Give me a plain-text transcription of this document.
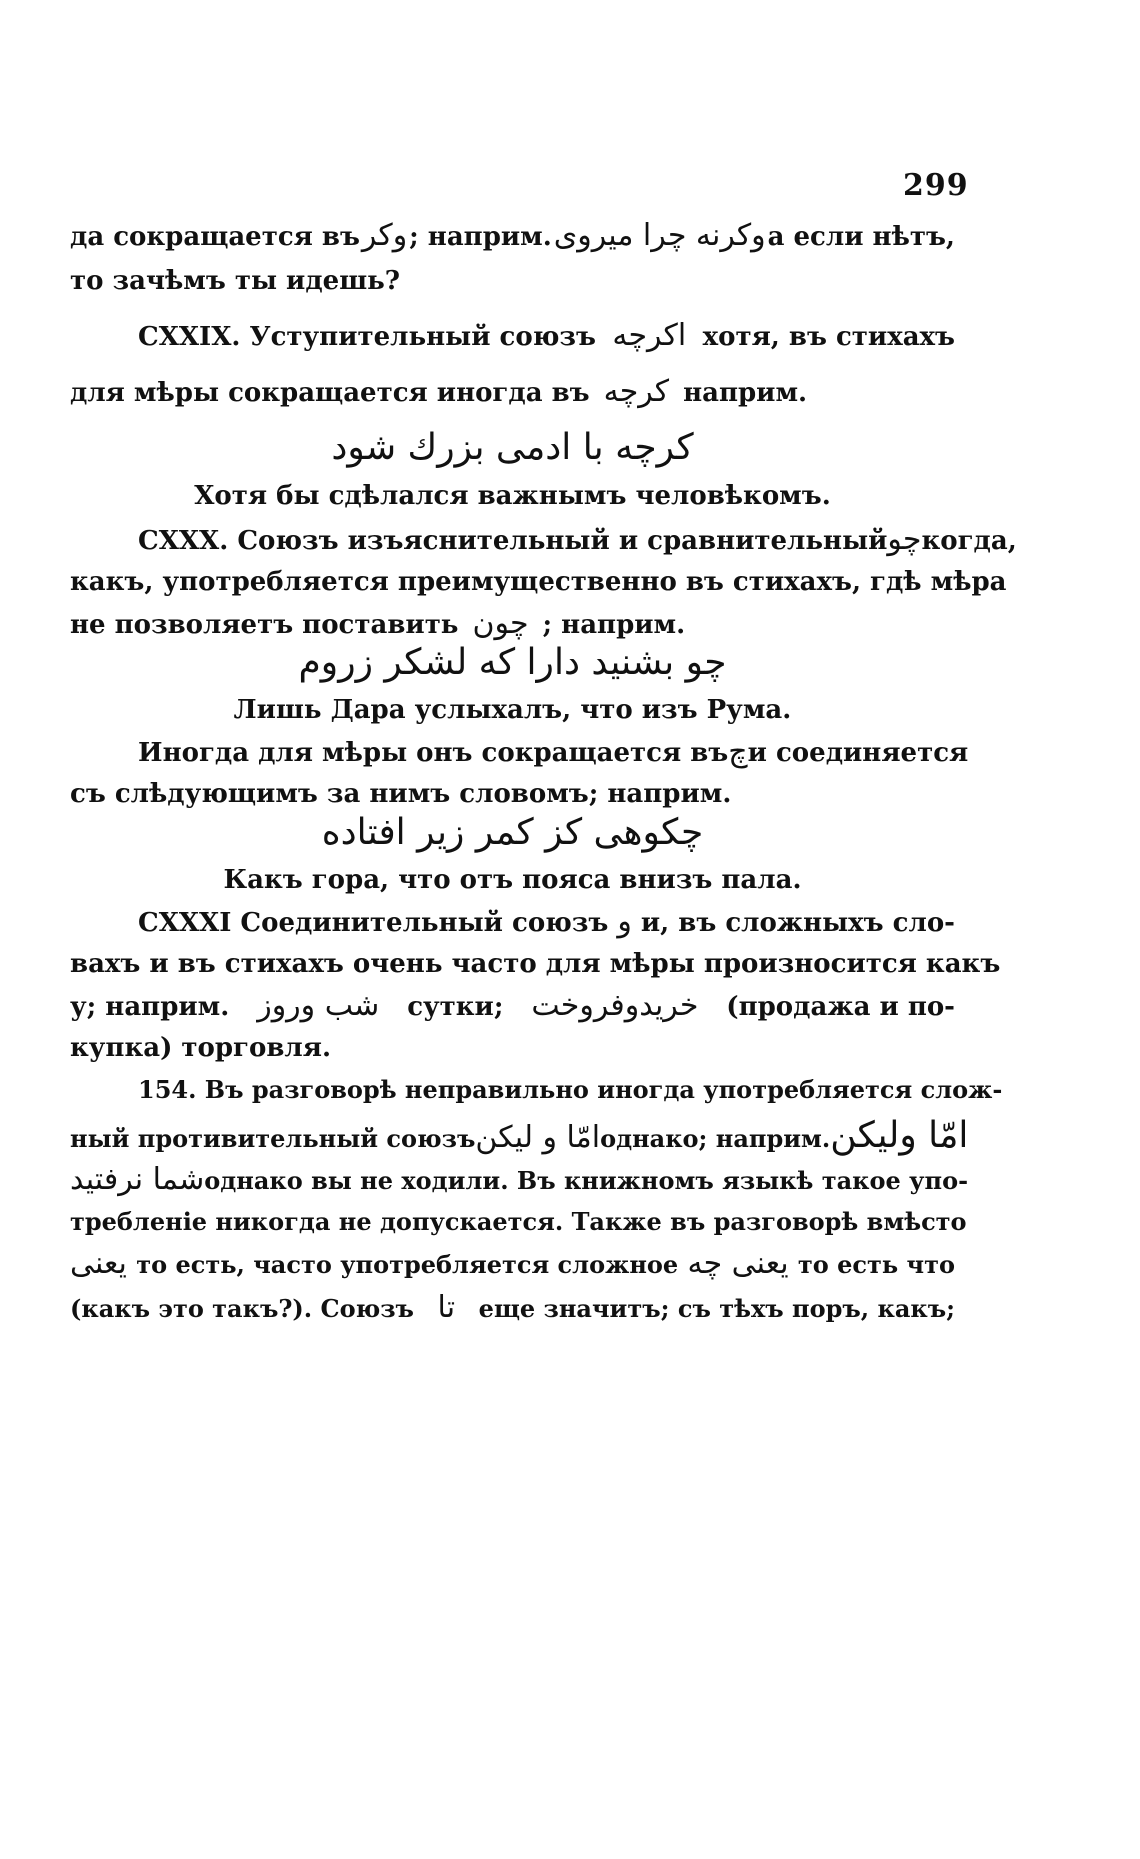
299
да сокращается въ وكر ; наприм. وكرنه چرا ميروى а если нѣтъ,
то зачѣмъ ты идешь?
CXXIX. Уступительный союзъ اكرچه хотя, въ стихахъ
для мѣры сокращается иногда въ كرچه наприм.
كرچه با ادمى بزرك شود
Хотя бы сдѣлался важнымъ человѣкомъ.
CXXX. Союзъ изъяснительный и сравнительный چو когда,
какъ, употребляется преимущественно въ стихахъ, гдѣ мѣра
не позволяетъ поставить چون ; наприм.
چو بشنيد دارا كه لشكر زروم
Лишь Дара услыхалъ, что изъ Рума.
Иногда для мѣры онъ сокращается въ چ и соединяется
съ слѣдующимъ за нимъ словомъ; наприм.
چكوهى كز كمر زير افتاده
Какъ гора, что отъ пояса внизъ пала.
CXXXI Соединительный союзъ و и, въ сложныхъ сло-
вахъ и въ стихахъ очень часто для мѣры произносится какъ
у; наприм. شب وروز сутки; خريدوفروخت (продажа и по-
купка) торговля.
154. Въ разговорѣ неправильно иногда употребляется слож-
ный противительный союзъ امّا و ليكن однако; наприм. امّا وليكن
شما نرفتيد однако вы не ходили. Въ книжномъ языкѣ такое упо-
требленіе никогда не допускается. Также въ разговорѣ вмѣсто
يعنى то есть, часто употребляется сложное يعنى چه то есть что
(какъ это такъ?). Союзъ تا еще значитъ; съ тѣхъ поръ, какъ;
